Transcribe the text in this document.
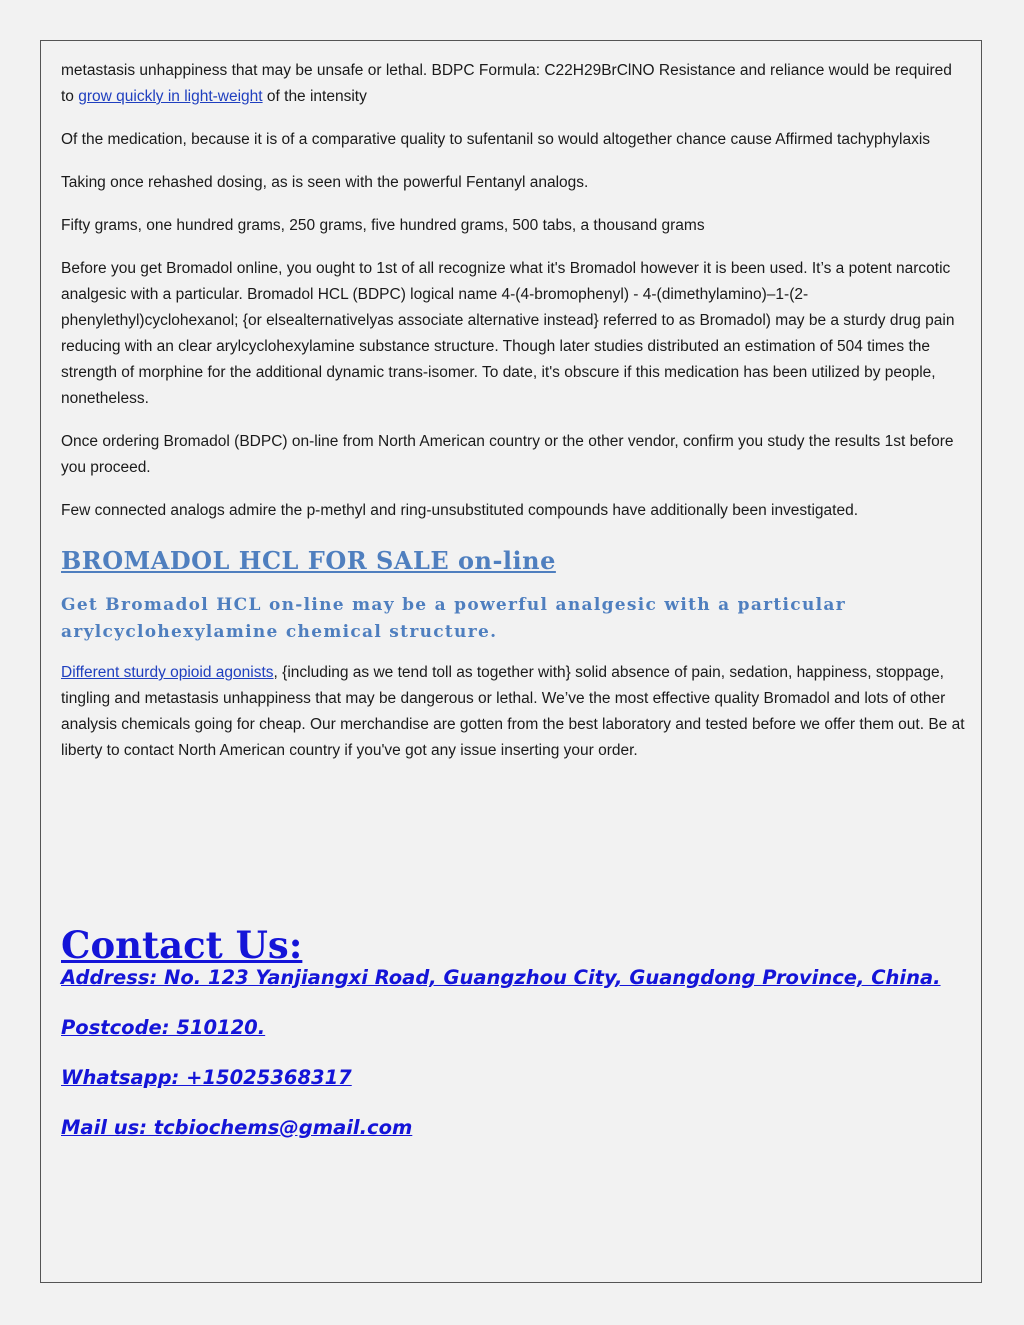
metastasis unhappiness that may be unsafe or lethal. BDPC Formula: C22H29BrClNO Resistance and reliance would be required to grow quickly in light-weight of the intensity

Of the medication, because it is of a comparative quality to sufentanil so would altogether chance cause Affirmed tachyphylaxis

Taking once rehashed dosing, as is seen with the powerful Fentanyl analogs.

Fifty grams, one hundred grams, 250 grams, five hundred grams, 500 tabs, a thousand grams

Before you get Bromadol online, you ought to 1st of all recognize what it's Bromadol however it is been used. It’s a potent narcotic analgesic with a particular. Bromadol HCL (BDPC) logical name 4-(4-bromophenyl) - 4-(dimethylamino)–1-(2-phenylethyl)cyclohexanol; {or elsealternativelyas associate alternative instead} referred to as Bromadol) may be a sturdy drug pain reducing with an clear arylcyclohexylamine substance structure. Though later studies distributed an estimation of 504 times the strength of morphine for the additional dynamic trans-isomer. To date, it's obscure if this medication has been utilized by people, nonetheless.

Once ordering Bromadol (BDPC) on-line from North American country or the other vendor, confirm you study the results 1st before you proceed.

Few connected analogs admire the p-methyl and ring-unsubstituted compounds have additionally been investigated.

BROMADOL HCL FOR SALE on-line
Get Bromadol HCL on-line may be a powerful analgesic with a particular arylcyclohexylamine chemical structure.

Different sturdy opioid agonists, {including as we tend toll as together with} solid absence of pain, sedation, happiness, stoppage, tingling and metastasis unhappiness that may be dangerous or lethal. We’ve the most effective quality Bromadol and lots of other analysis chemicals going for cheap. Our merchandise are gotten from the best laboratory and tested before we offer them out. Be at liberty to contact North American country if you've got any issue inserting your order.

Contact Us:
Address: No. 123 Yanjiangxi Road, Guangzhou City, Guangdong Province, China.
Postcode: 510120.
Whatsapp: +15025368317
Mail us: tcbiochems@gmail.com
